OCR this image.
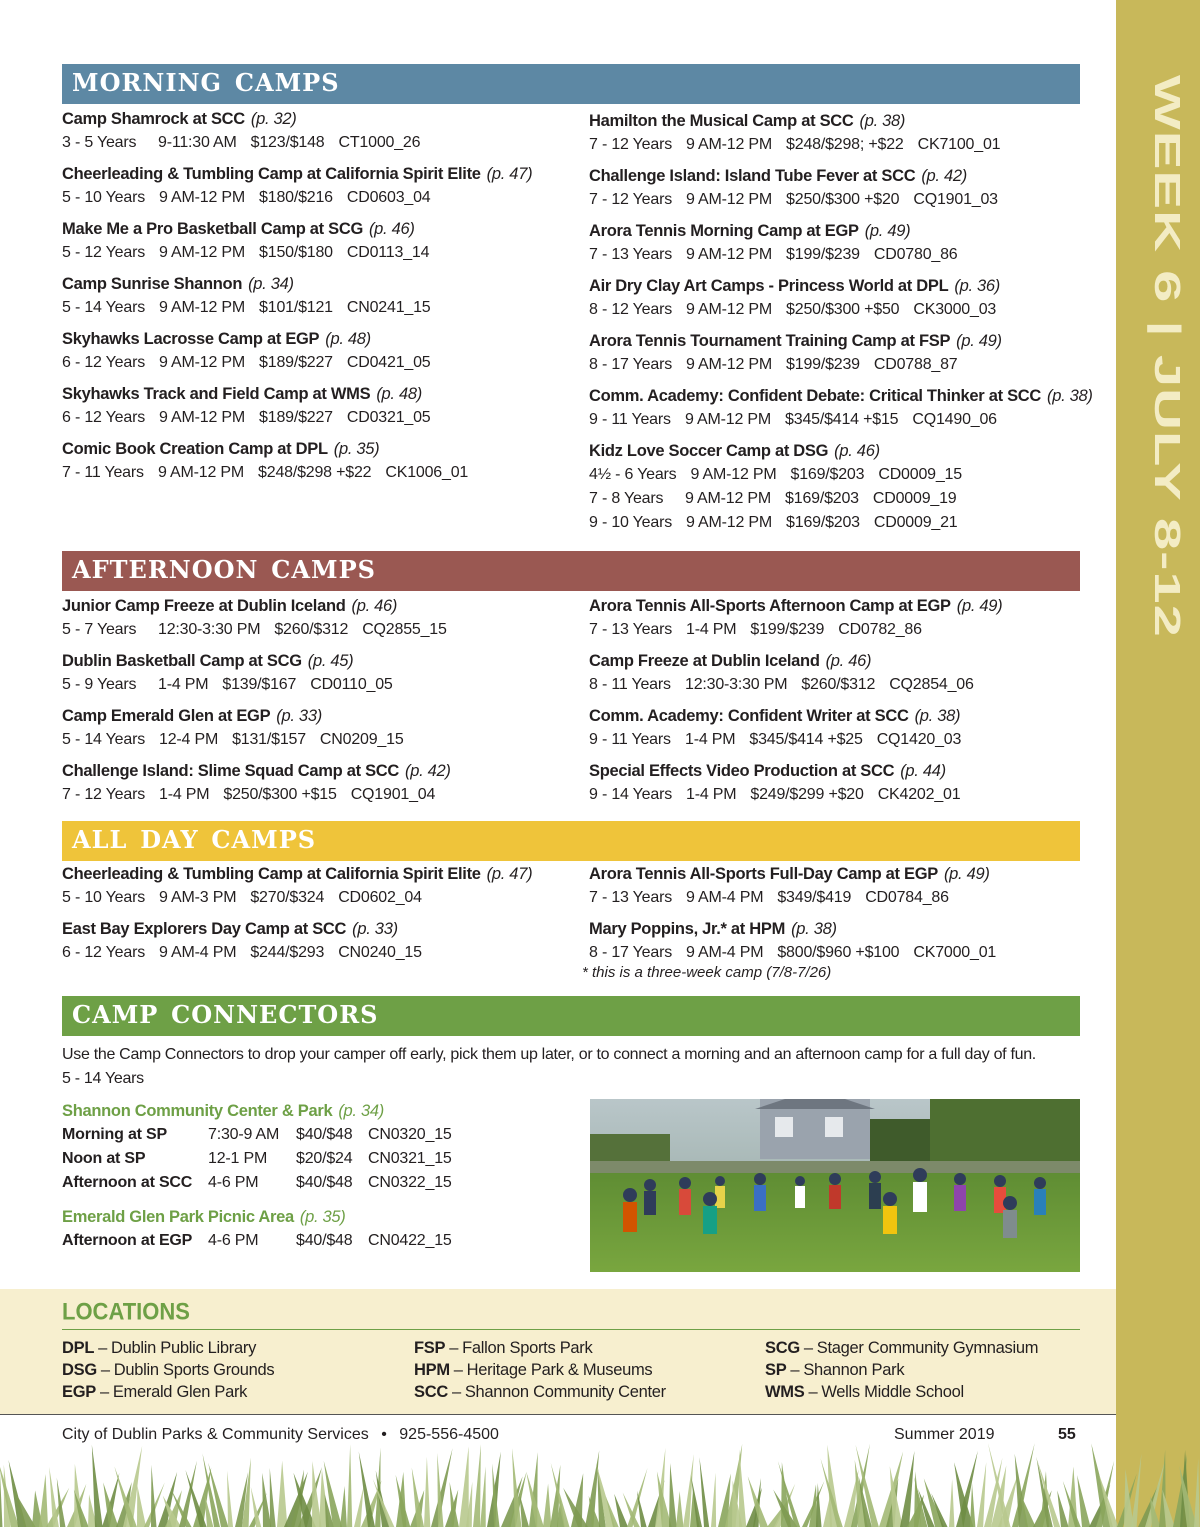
WEEK 6 | JULY 8-12
morning camps
Camp Shamrock at SCC (p. 32)
3 - 5 Years 9-11:30 AM $123/$148 CT1000_26
Cheerleading & Tumbling Camp at California Spirit Elite (p. 47)
5 - 10 Years 9 AM-12 PM $180/$216 CD0603_04
Make Me a Pro Basketball Camp at SCG (p. 46)
5 - 12 Years 9 AM-12 PM $150/$180 CD0113_14
Camp Sunrise Shannon (p. 34)
5 - 14 Years 9 AM-12 PM $101/$121 CN0241_15
Skyhawks Lacrosse Camp at EGP (p. 48)
6 - 12 Years 9 AM-12 PM $189/$227 CD0421_05
Skyhawks Track and Field Camp at WMS (p. 48)
6 - 12 Years 9 AM-12 PM $189/$227 CD0321_05
Comic Book Creation Camp at DPL (p. 35)
7 - 11 Years 9 AM-12 PM $248/$298 +$22 CK1006_01
Hamilton the Musical Camp at SCC (p. 38)
7 - 12 Years 9 AM-12 PM $248/$298; +$22 CK7100_01
Challenge Island: Island Tube Fever at SCC (p. 42)
7 - 12 Years 9 AM-12 PM $250/$300 +$20 CQ1901_03
Arora Tennis Morning Camp at EGP (p. 49)
7 - 13 Years 9 AM-12 PM $199/$239 CD0780_86
Air Dry Clay Art Camps - Princess World at DPL (p. 36)
8 - 12 Years 9 AM-12 PM $250/$300 +$50 CK3000_03
Arora Tennis Tournament Training Camp at FSP (p. 49)
8 - 17 Years 9 AM-12 PM $199/$239 CD0788_87
Comm. Academy: Confident Debate: Critical Thinker at SCC (p. 38)
9 - 11 Years 9 AM-12 PM $345/$414 +$15 CQ1490_06
Kidz Love Soccer Camp at DSG (p. 46)
4½ - 6 Years 9 AM-12 PM $169/$203 CD0009_15
7 - 8 Years 9 AM-12 PM $169/$203 CD0009_19
9 - 10 Years 9 AM-12 PM $169/$203 CD0009_21
afternoon camps
Junior Camp Freeze at Dublin Iceland (p. 46)
5 - 7 Years 12:30-3:30 PM $260/$312 CQ2855_15
Dublin Basketball Camp at SCG (p. 45)
5 - 9 Years 1-4 PM $139/$167 CD0110_05
Camp Emerald Glen at EGP (p. 33)
5 - 14 Years 12-4 PM $131/$157 CN0209_15
Challenge Island: Slime Squad Camp at SCC (p. 42)
7 - 12 Years 1-4 PM $250/$300 +$15 CQ1901_04
Arora Tennis All-Sports Afternoon Camp at EGP (p. 49)
7 - 13 Years 1-4 PM $199/$239 CD0782_86
Camp Freeze at Dublin Iceland (p. 46)
8 - 11 Years 12:30-3:30 PM $260/$312 CQ2854_06
Comm. Academy: Confident Writer at SCC (p. 38)
9 - 11 Years 1-4 PM $345/$414 +$25 CQ1420_03
Special Effects Video Production at SCC (p. 44)
9 - 14 Years 1-4 PM $249/$299 +$20 CK4202_01
all day camps
Cheerleading & Tumbling Camp at California Spirit Elite (p. 47)
5 - 10 Years 9 AM-3 PM $270/$324 CD0602_04
East Bay Explorers Day Camp at SCC (p. 33)
6 - 12 Years 9 AM-4 PM $244/$293 CN0240_15
Arora Tennis All-Sports Full-Day Camp at EGP (p. 49)
7 - 13 Years 9 AM-4 PM $349/$419 CD0784_86
Mary Poppins, Jr.* at HPM (p. 38)
8 - 17 Years 9 AM-4 PM $800/$960 +$100 CK7000_01
* this is a three-week camp (7/8-7/26)
camp connectors
Use the Camp Connectors to drop your camper off early, pick them up later, or to connect a morning and an afternoon camp for a full day of fun.
5 - 14 Years
Shannon Community Center & Park (p. 34)
Morning at SP	7:30-9 AM	$40/$48 CN0320_15
Noon at SP	12-1 PM	$20/$24 CN0321_15
Afternoon at SCC 4-6 PM	$40/$48 CN0322_15
Emerald Glen Park Picnic Area (p. 35)
Afternoon at EGP 4-6 PM	$40/$48 CN0422_15
LOCATIONS
DPL – Dublin Public Library
DSG – Dublin Sports Grounds
EGP – Emerald Glen Park
FSP – Fallon Sports Park
HPM – Heritage Park & Museums
SCC – Shannon Community Center
SCG – Stager Community Gymnasium
SP – Shannon Park
WMS – Wells Middle School
City of Dublin Parks & Community Services • 925-556-4500	Summer 2019	55
